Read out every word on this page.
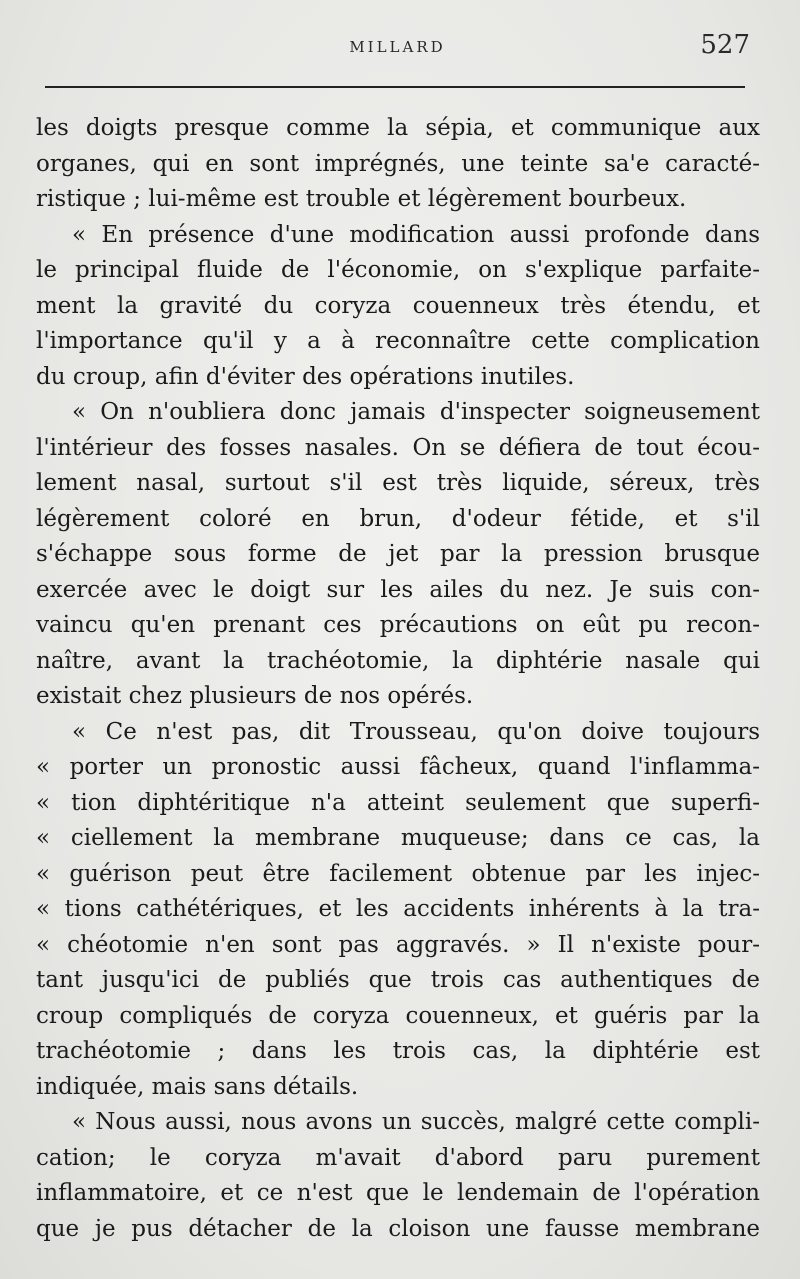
MILLARD	527
les doigts presque comme la sépia, et communique aux
organes, qui en sont imprégnés, une teinte sa'e caracté-
ristique ; lui-même est trouble et légèrement bourbeux.
« En présence d'une modification aussi profonde dans
le principal fluide de l'économie, on s'explique parfaite-
ment la gravité du coryza couenneux très étendu, et
l'importance qu'il y a à reconnaître cette complication
du croup, afin d'éviter des opérations inutiles.
« On n'oubliera donc jamais d'inspecter soigneusement
l'intérieur des fosses nasales. On se défiera de tout écou-
lement nasal, surtout s'il est très liquide, séreux, très
légèrement coloré en brun, d'odeur fétide, et s'il
s'échappe sous forme de jet par la pression brusque
exercée avec le doigt sur les ailes du nez. Je suis con-
vaincu qu'en prenant ces précautions on eût pu recon-
naître, avant la trachéotomie, la diphtérie nasale qui
existait chez plusieurs de nos opérés.
« Ce n'est pas, dit Trousseau, qu'on doive toujours
« porter un pronostic aussi fâcheux, quand l'inflamma-
« tion diphtéritique n'a atteint seulement que superfi-
« ciellement la membrane muqueuse; dans ce cas, la
« guérison peut être facilement obtenue par les injec-
« tions cathétériques, et les accidents inhérents à la tra-
« chéotomie n'en sont pas aggravés. » Il n'existe pour-
tant jusqu'ici de publiés que trois cas authentiques de
croup compliqués de coryza couenneux, et guéris par la
trachéotomie ; dans les trois cas, la diphtérie est
indiquée, mais sans détails.
« Nous aussi, nous avons un succès, malgré cette compli-
cation; le coryza m'avait d'abord paru purement
inflammatoire, et ce n'est que le lendemain de l'opération
que je pus détacher de la cloison une fausse membrane
